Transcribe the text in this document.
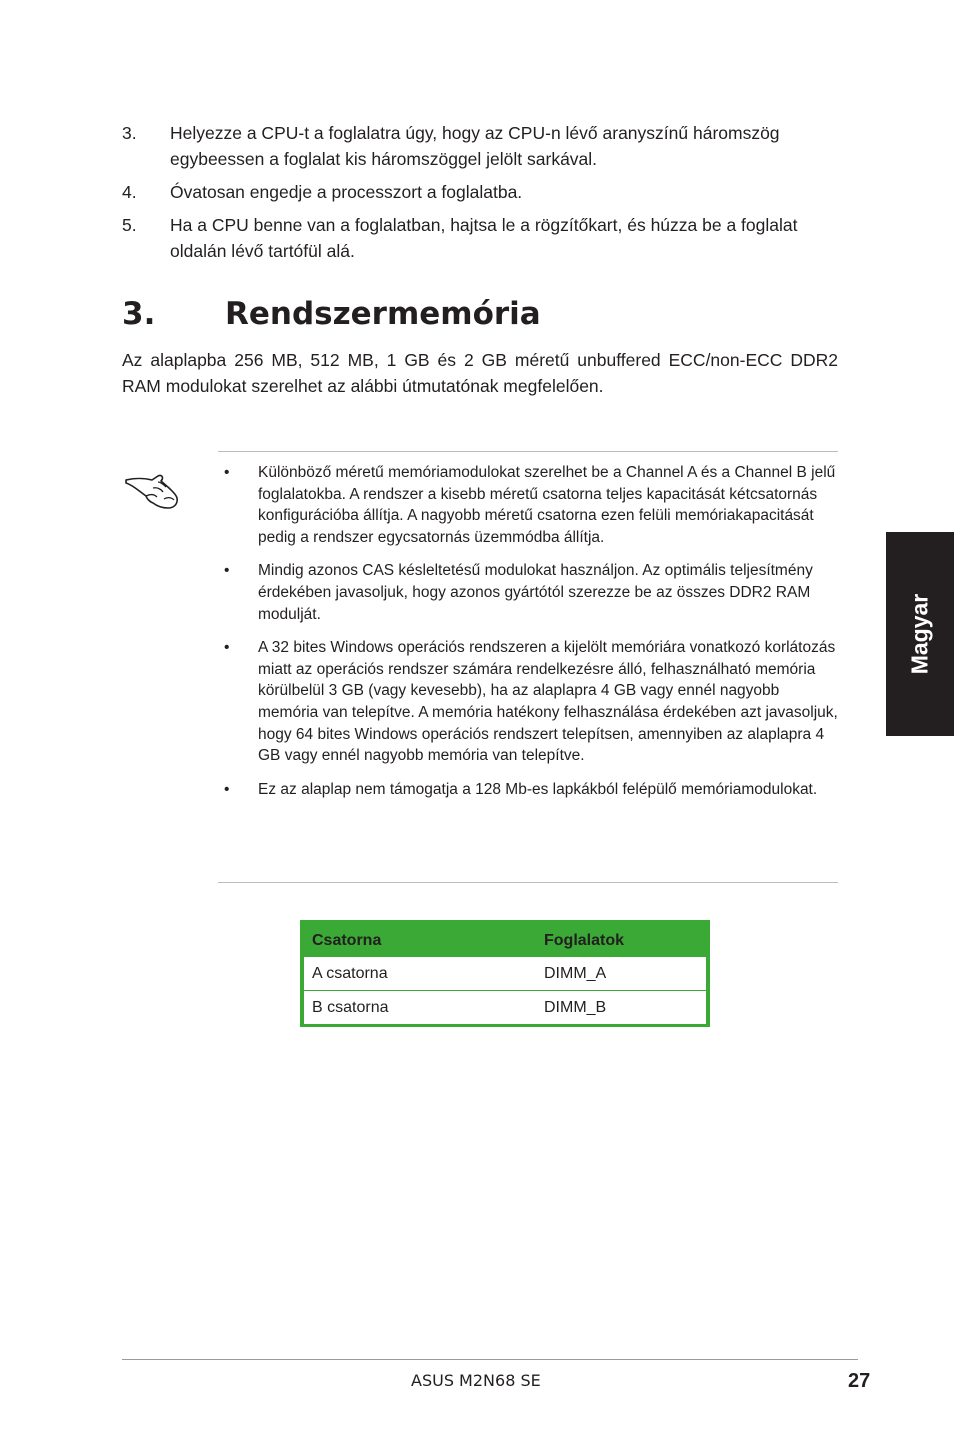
3. Helyezze a CPU-t a foglalatra úgy, hogy az CPU-n lévő aranyszínű háromszög egybeessen a foglalat kis háromszöggel jelölt sarkával.
4. Óvatosan engedje a processzort a foglalatba.
5. Ha a CPU benne van a foglalatban, hajtsa le a rögzítőkart, és húzza be a foglalat oldalán lévő tartófül alá.
3. Rendszermemória

Az alaplapba 256 MB, 512 MB, 1 GB és 2 GB méretű unbuffered ECC/non-ECC DDR2 RAM modulokat szerelhet az alábbi útmutatónak megfelelően.

• Különböző méretű memóriamodulokat szerelhet be a Channel A és a Channel B jelű foglalatokba. A rendszer a kisebb méretű csatorna teljes kapacitását kétcsatornás konfigurációba állítja. A nagyobb méretű csatorna ezen felüli memóriakapacitását pedig a rendszer egycsatornás üzemmódba állítja.
• Mindig azonos CAS késleltetésű modulokat használjon. Az optimális teljesítmény érdekében javasoljuk, hogy azonos gyártótól szerezze be az összes DDR2 RAM modulját.
• A 32 bites Windows operációs rendszeren a kijelölt memóriára vonatkozó korlátozás miatt az operációs rendszer számára rendelkezésre álló, felhasználható memória körülbelül 3 GB (vagy kevesebb), ha az alaplapra 4 GB vagy ennél nagyobb memória van telepítve. A memória hatékony felhasználása érdekében azt javasoljuk, hogy 64 bites Windows operációs rendszert telepítsen, amennyiben az alaplapra 4 GB vagy ennél nagyobb memória van telepítve.
• Ez az alaplap nem támogatja a 128 Mb-es lapkákból felépülő memóriamodulokat.
Magyar
Csatorna	Foglalatok
A csatorna	DIMM_A
B csatorna	DIMM_B
ASUS M2N68 SE	27
